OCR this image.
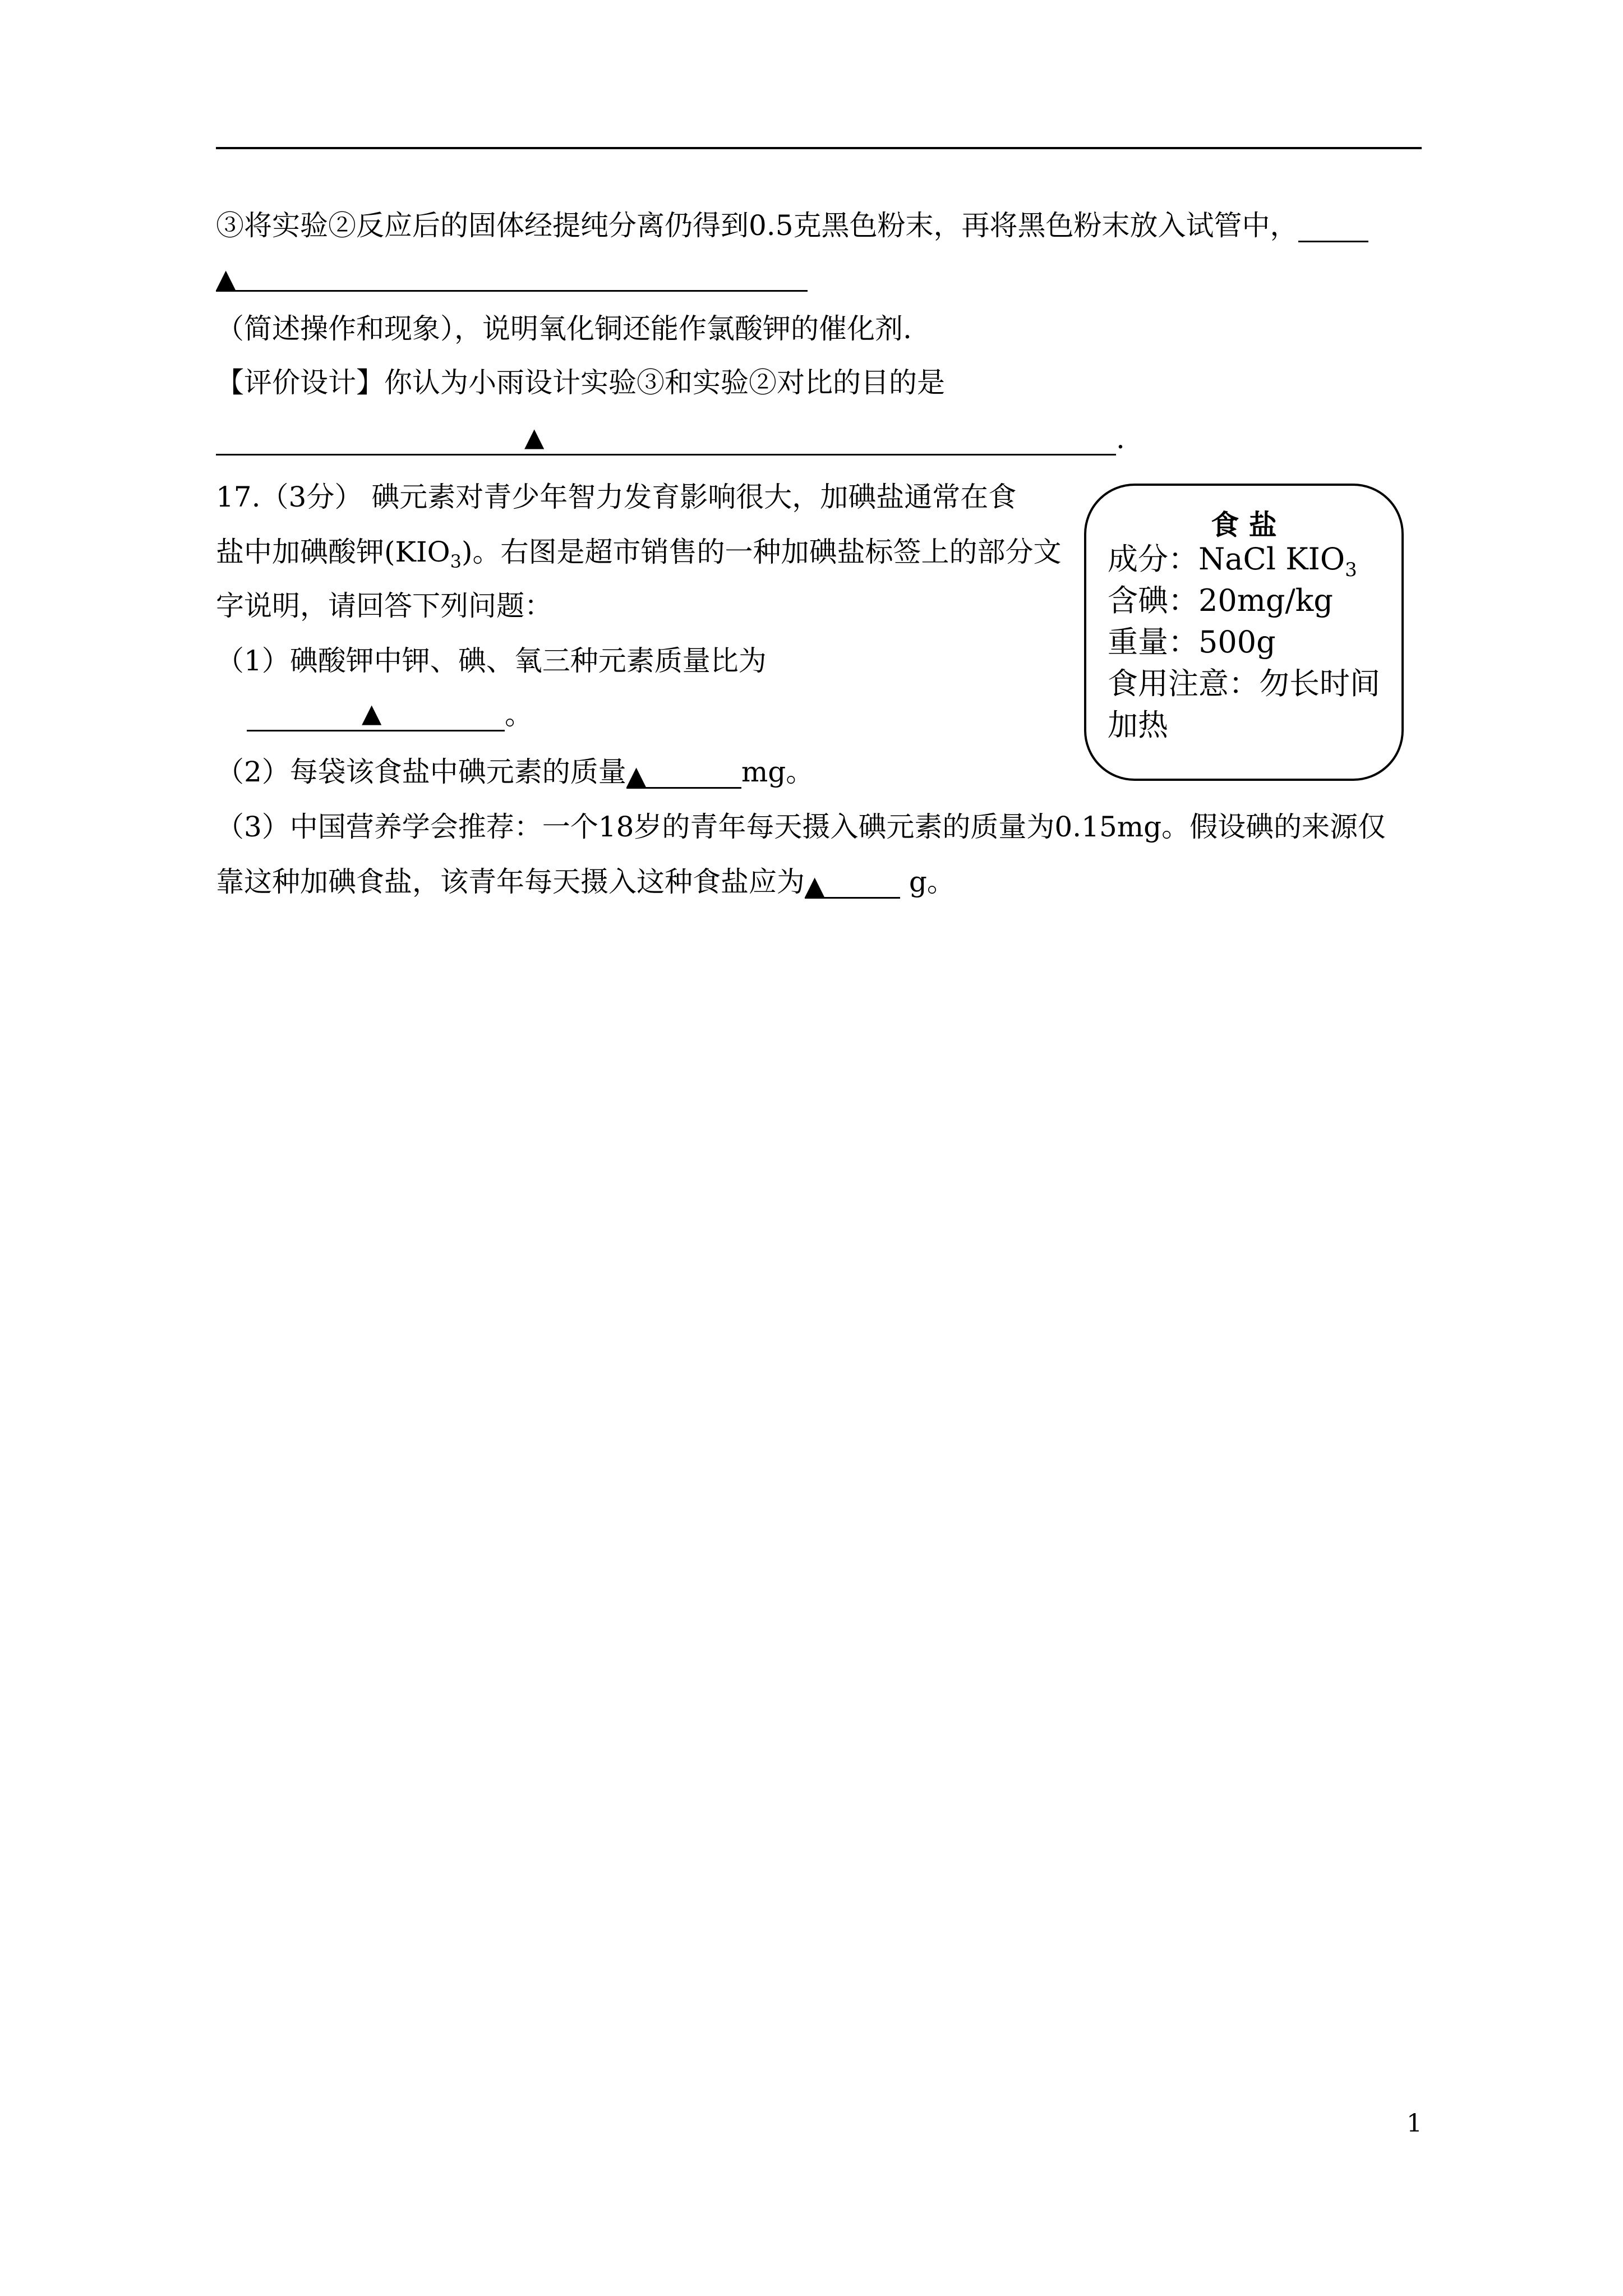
③将实验②反应后的固体经提纯分离仍得到0.5克黑色粉末，再将黑色粉末放入试管中，
▲
（简述操作和现象），说明氧化铜还能作氯酸钾的催化剂.
【评价设计】你认为小雨设计实验③和实验②对比的目的是
▲	.
17.（3分） 碘元素对青少年智力发育影响很大，加碘盐通常在食
盐中加碘酸钾$(KIO_3)$。右图是超市销售的一种加碘盐标签上的部分文
字说明，请回答下列问题：
（1）碘酸钾中钾、碘、氧三种元素质量比为
▲	。
（2）每袋该食盐中碘元素的质量▲	mg。
（3）中国营养学会推荐：一个18岁的青年每天摄入碘元素的质量为0.15mg。假设碘的来源仅
靠这种加碘食盐，该青年每天摄入这种食盐应为▲	g。
食 盐
成分：NaCl $KIO_3$
含碘：20mg/kg
重量：500g
食用注意：勿长时间
加热
1
